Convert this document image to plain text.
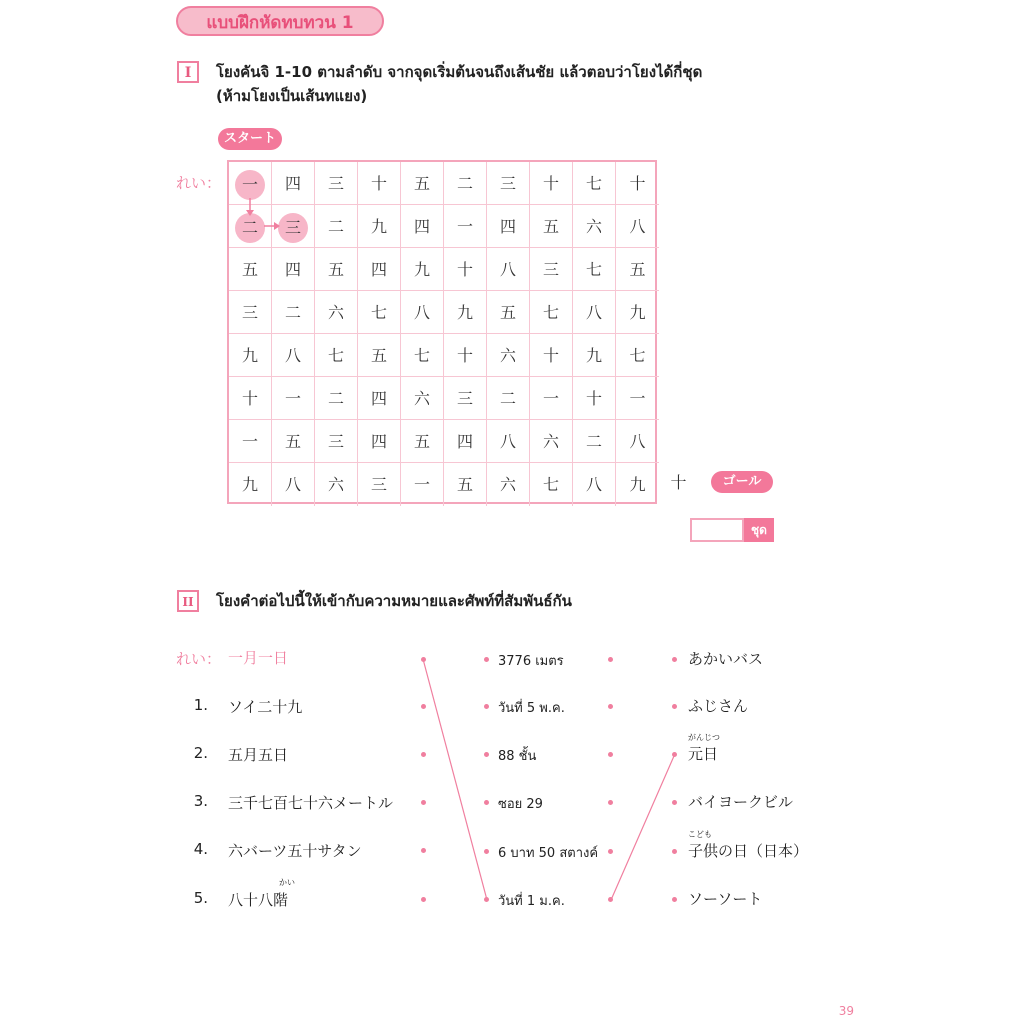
แบบฝึกหัดทบทวน 1
I	โยงคันจิ 1-10 ตามลำดับ จากจุดเริ่มต้นจนถึงเส้นชัย แล้วตอบว่าโยงได้กี่ชุด
(ห้ามโยงเป็นเส้นทแยง)
スタート
れい：	一	四	三	十	五	二	三	十	七	十
二	三	二	九	四	一	四	五	六	八
五	四	五	四	九	十	八	三	七	五
三	二	六	七	八	九	五	七	八	九
九	八	七	五	七	十	六	十	九	七
十	一	二	四	六	三	二	一	十	一
一	五	三	四	五	四	八	六	二	八
九	八	六	三	一	五	六	七	八	九	十	ゴール
ชุด
II	โยงคำต่อไปนี้ให้เข้ากับความหมายและศัพท์ที่สัมพันธ์กัน
れい： 一月一日
1. ソイ二十九
3776 เมตร	あかいバス
2. 五月五日
วันที่ 5 พ.ค.	ふじさん
3. 三千七百七十六メートル
88 ชั้น	元日
がんじつ
4. 六バーツ五十サタン
ซอย 29	バイヨークビル
5. 八十八階
かい
6 บาท 50 สตางค์	子供の日（日本）
こども
วันที่ 1 ม.ค.	ソーソート
39
